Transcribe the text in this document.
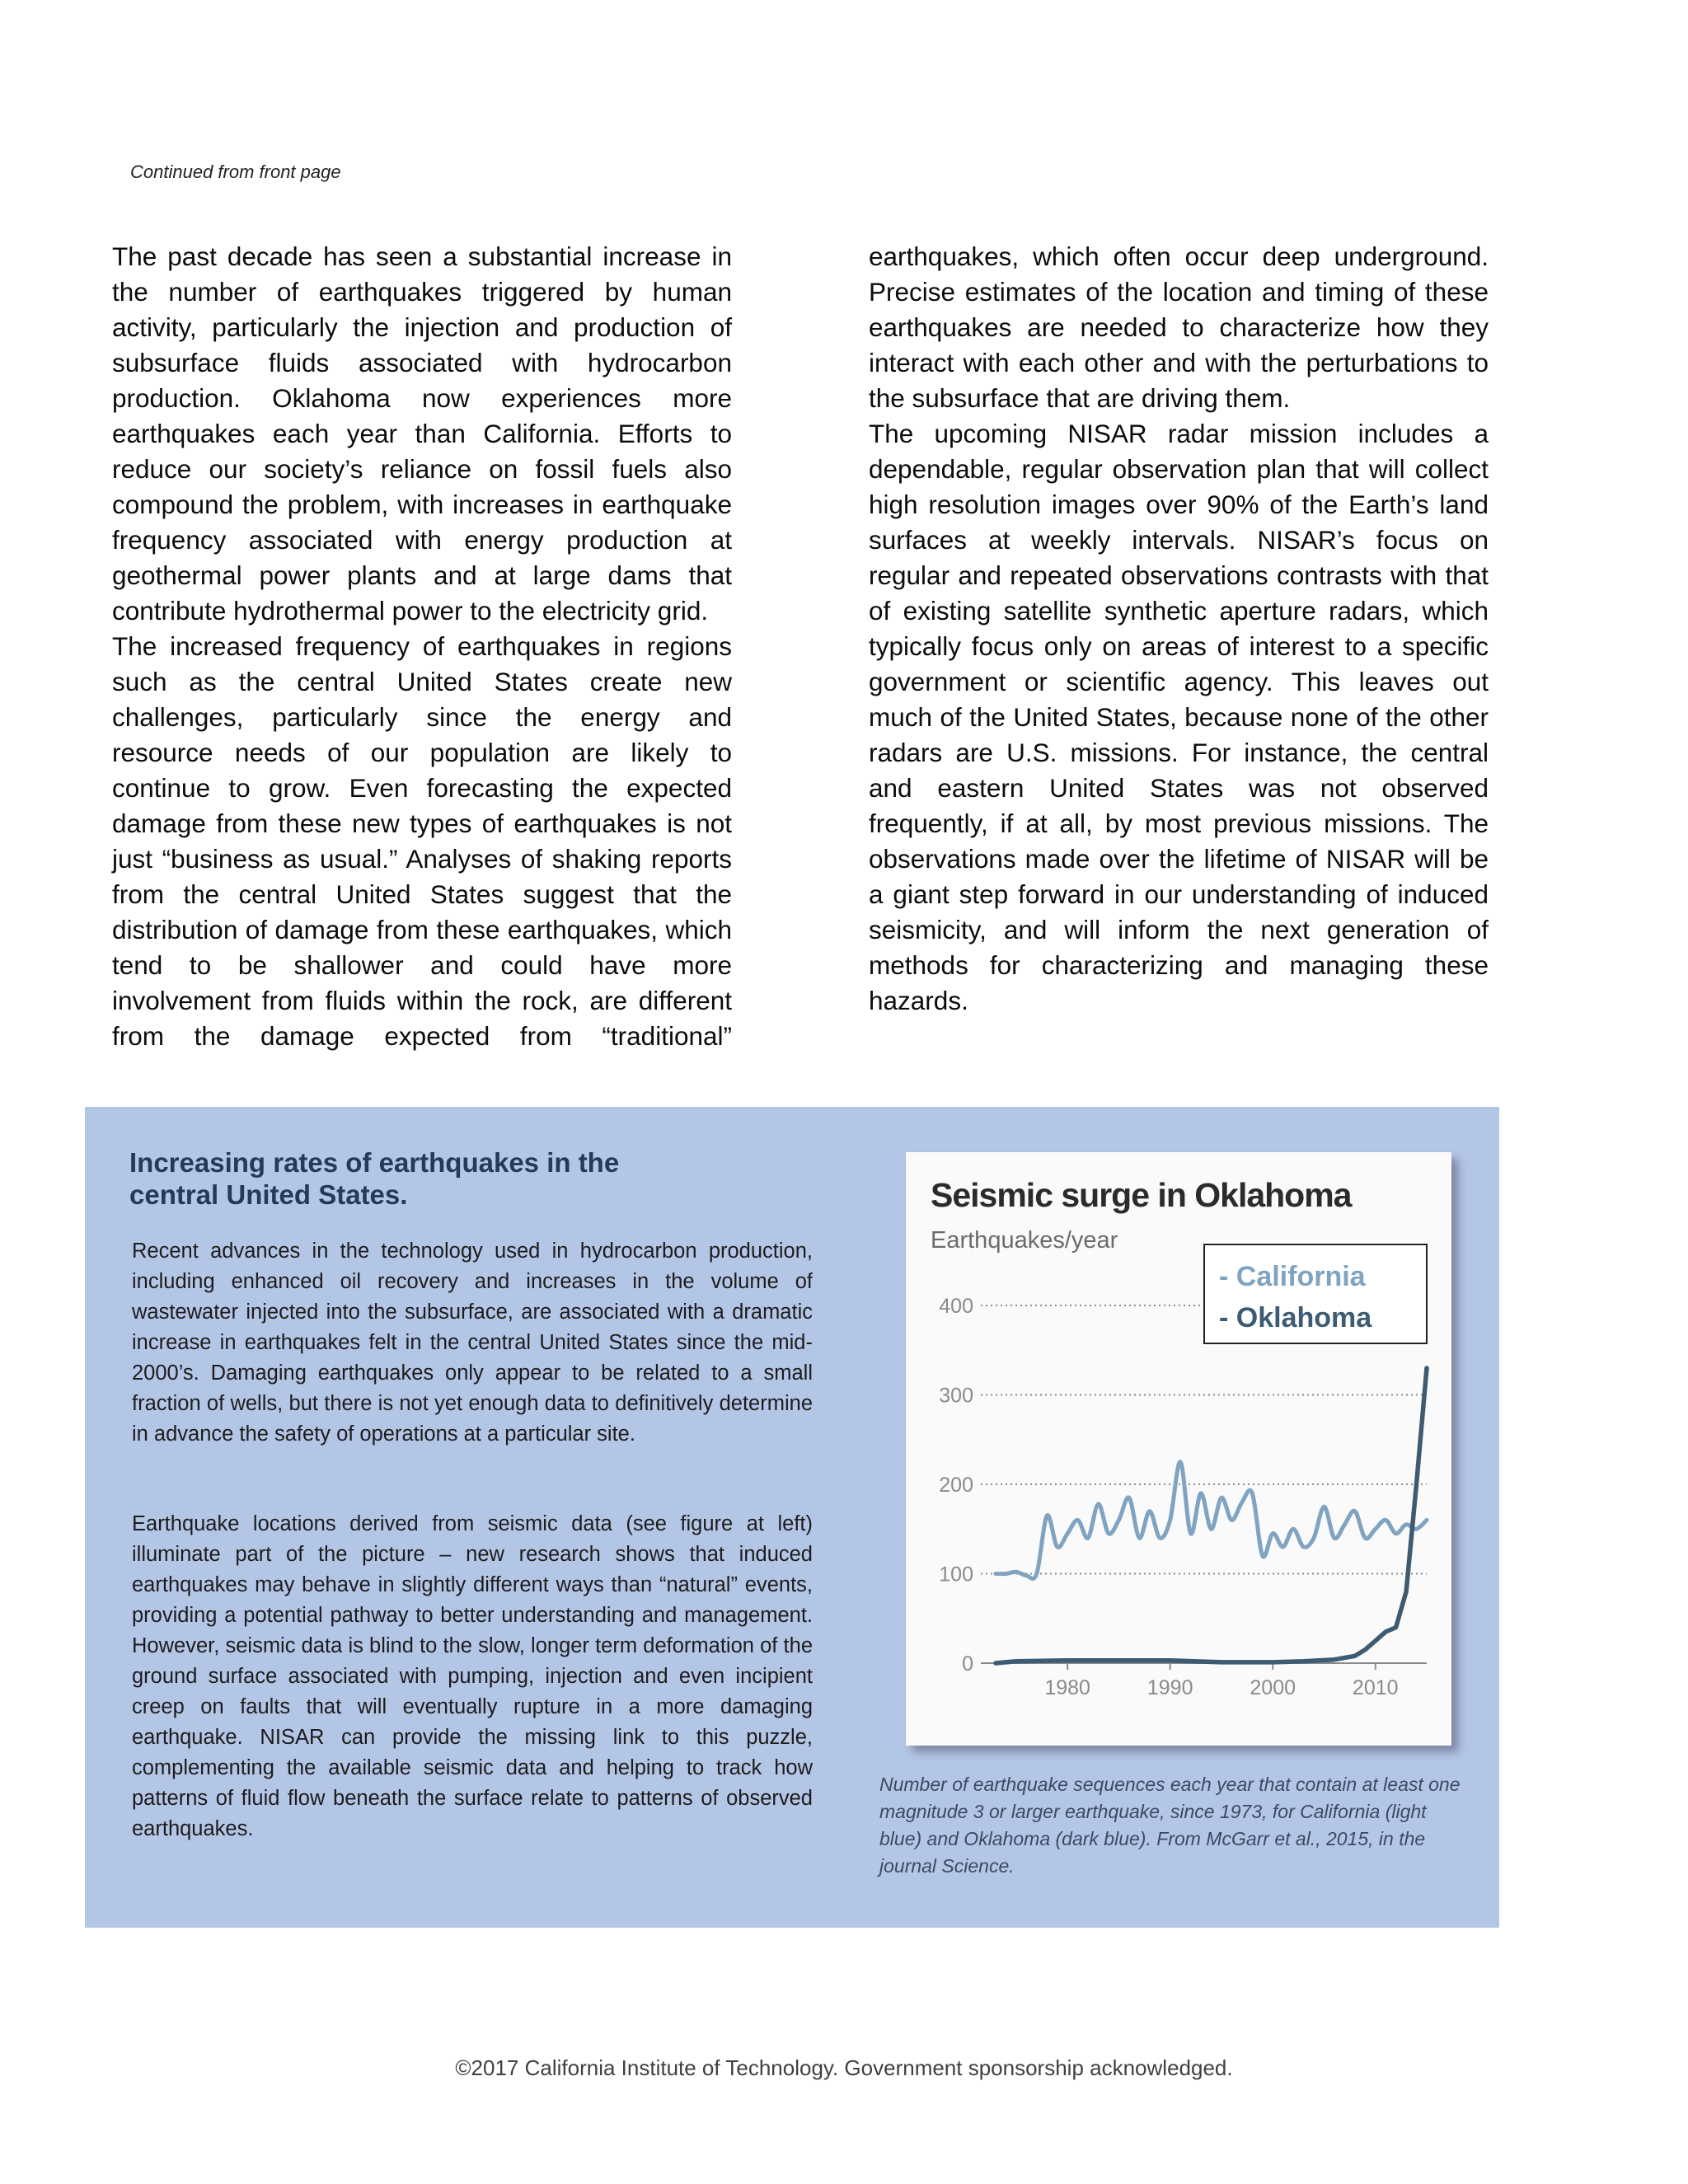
Continued from front page

The past decade has seen a substantial increase in the number of earthquakes triggered by human activity, particularly the injection and production of subsurface fluids associated with hydrocarbon production. Oklahoma now experiences more earthquakes each year than California. Efforts to reduce our society’s reliance on fossil fuels also compound the problem, with increases in earthquake frequency associated with energy production at geothermal power plants and at large dams that contribute hydrothermal power to the electricity grid.

The increased frequency of earthquakes in regions such as the central United States create new challenges, particularly since the energy and resource needs of our population are likely to continue to grow. Even forecasting the expected damage from these new types of earthquakes is not just “business as usual.” Analyses of shaking reports from the central United States suggest that the distribution of damage from these earthquakes, which tend to be shallower and could have more involvement from fluids within the rock, are different from the damage expected from “traditional”

earthquakes, which often occur deep underground. Precise estimates of the location and timing of these earthquakes are needed to characterize how they interact with each other and with the perturbations to the subsurface that are driving them.

The upcoming NISAR radar mission includes a dependable, regular observation plan that will collect high resolution images over 90% of the Earth’s land surfaces at weekly intervals. NISAR’s focus on regular and repeated observations contrasts with that of existing satellite synthetic aperture radars, which typically focus only on areas of interest to a specific government or scientific agency. This leaves out much of the United States, because none of the other radars are U.S. missions. For instance, the central and eastern United States was not observed frequently, if at all, by most previous missions. The observations made over the lifetime of NISAR will be a giant step forward in our understanding of induced seismicity, and will inform the next generation of methods for characterizing and managing these hazards.

Increasing rates of earthquakes in the central United States.

Recent advances in the technology used in hydrocarbon production, including enhanced oil recovery and increases in the volume of wastewater injected into the subsurface, are associated with a dramatic increase in earthquakes felt in the central United States since the mid-2000’s. Damaging earthquakes only appear to be related to a small fraction of wells, but there is not yet enough data to definitively determine in advance the safety of operations at a particular site.

Earthquake locations derived from seismic data (see figure at left) illuminate part of the picture – new research shows that induced earthquakes may behave in slightly different ways than “natural” events, providing a potential pathway to better understanding and management. However, seismic data is blind to the slow, longer term deformation of the ground surface associated with pumping, injection and even incipient creep on faults that will eventually rupture in a more damaging earthquake. NISAR can provide the missing link to this puzzle, complementing the available seismic data and helping to track how patterns of fluid flow beneath the surface relate to patterns of observed earthquakes.

Seismic surge in Oklahoma
Earthquakes/year
0
100
200
300
400
1980	1990	2000	2010
- California
- Oklahoma
Number of earthquake sequences each year that contain at least one magnitude 3 or larger earthquake, since 1973, for California (light blue) and Oklahoma (dark blue). From McGarr et al., 2015, in the journal Science.
©2017 California Institute of Technology. Government sponsorship acknowledged.
